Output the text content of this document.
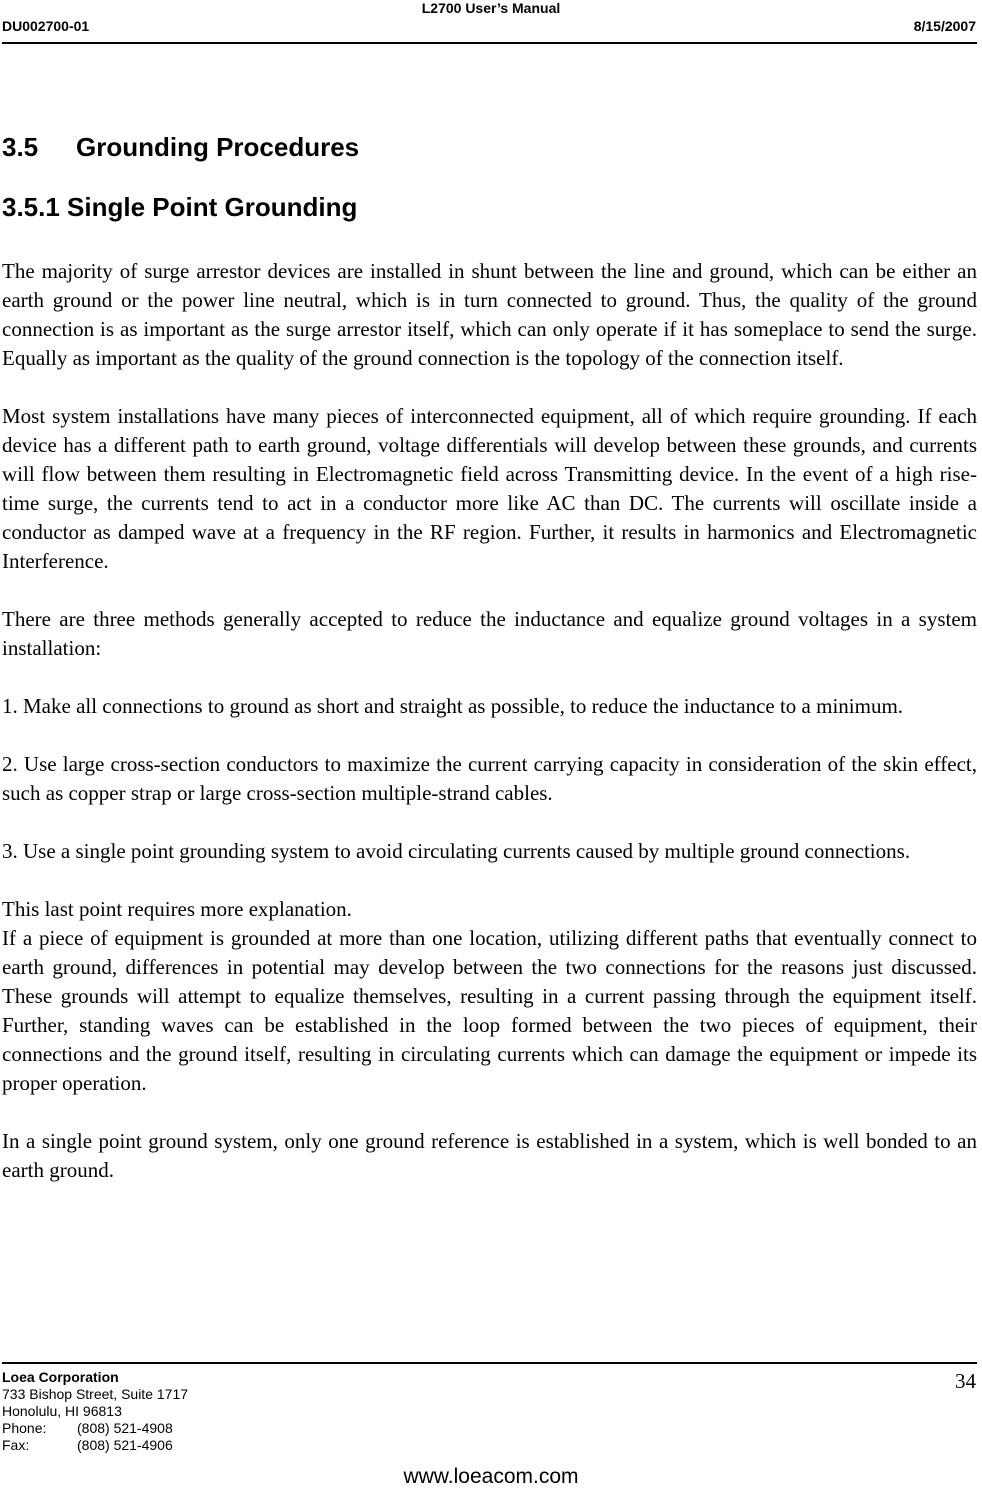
L2700 User’s Manual
DU002700-01	8/15/2007
3.5 Grounding Procedures
3.5.1 Single Point Grounding

The majority of surge arrestor devices are installed in shunt between the line and ground, which can be either an earth ground or the power line neutral, which is in turn connected to ground. Thus, the quality of the ground connection is as important as the surge arrestor itself, which can only operate if it has someplace to send the surge. Equally as important as the quality of the ground connection is the topology of the connection itself.

Most system installations have many pieces of interconnected equipment, all of which require grounding. If each device has a different path to earth ground, voltage differentials will develop between these grounds, and currents will flow between them resulting in Electromagnetic field across Transmitting device. In the event of a high rise-time surge, the currents tend to act in a conductor more like AC than DC. The currents will oscillate inside a conductor as damped wave at a frequency in the RF region. Further, it results in harmonics and Electromagnetic Interference.

There are three methods generally accepted to reduce the inductance and equalize ground voltages in a system installation:

1. Make all connections to ground as short and straight as possible, to reduce the inductance to a minimum.

2. Use large cross-section conductors to maximize the current carrying capacity in consideration of the skin effect, such as copper strap or large cross-section multiple-strand cables.

3. Use a single point grounding system to avoid circulating currents caused by multiple ground connections.

This last point requires more explanation.

If a piece of equipment is grounded at more than one location, utilizing different paths that eventually connect to earth ground, differences in potential may develop between the two connections for the reasons just discussed. These grounds will attempt to equalize themselves, resulting in a current passing through the equipment itself. Further, standing waves can be established in the loop formed between the two pieces of equipment, their connections and the ground itself, resulting in circulating currents which can damage the equipment or impede its proper operation.

In a single point ground system, only one ground reference is established in a system, which is well bonded to an earth ground.

Loea Corporation
733 Bishop Street, Suite 1717
Honolulu, HI 96813
Phone: (808) 521-4908
Fax:	(808) 521-4906
34
www.loeacom.com
